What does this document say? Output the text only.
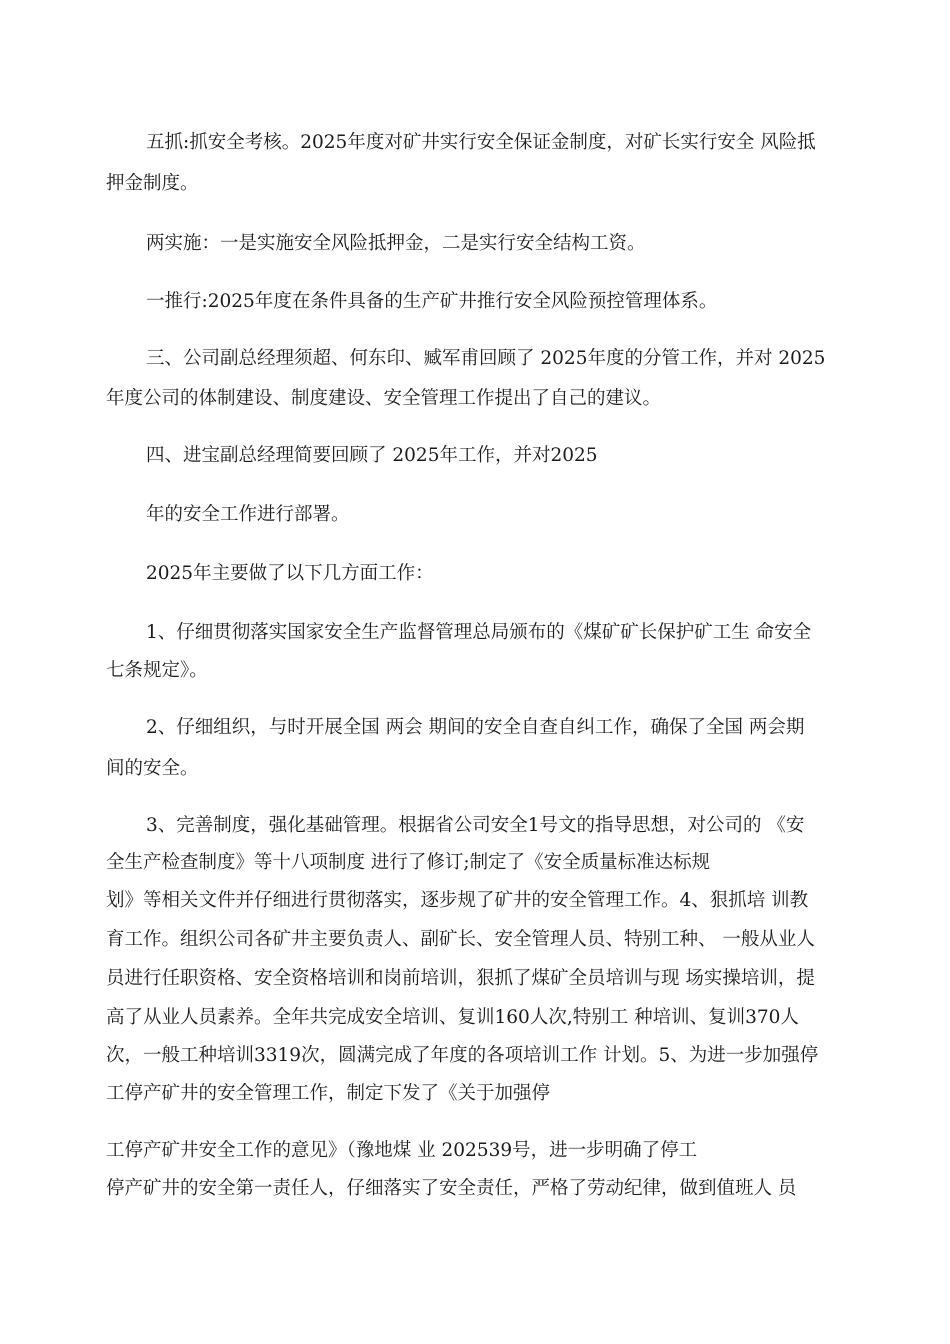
五抓:抓安全考核。2025年度对矿井实行安全保证金制度，对矿长实行安全 风险抵
押金制度。
两实施：一是实施安全风险抵押金，二是实行安全结构工资。
一推行:2025年度在条件具备的生产矿井推行安全风险预控管理体系。
三、公司副总经理须超、何东印、臧军甫回顾了 2025年度的分管工作，并对 2025
年度公司的体制建设、制度建设、安全管理工作提出了自己的建议。
四、进宝副总经理简要回顾了 2025年工作，并对2025
年的安全工作进行部署。
2025年主要做了以下几方面工作：
1、仔细贯彻落实国家安全生产监督管理总局颁布的《煤矿矿长保护矿工生 命安全
七条规定》。
2、仔细组织，与时开展全国 两会 期间的安全自查自纠工作，确保了全国 两会期
间的安全。
3、完善制度，强化基础管理。根据省公司安全1号文的指导思想，对公司的 《安
全生产检查制度》等十八项制度 进行了修订;制定了《安全质量标准达标规
划》等相关文件并仔细进行贯彻落实，逐步规了矿井的安全管理工作。4、狠抓培 训教
育工作。组织公司各矿井主要负责人、副矿长、安全管理人员、特别工种、 一般从业人
员进行任职资格、安全资格培训和岗前培训，狠抓了煤矿全员培训与现 场实操培训，提
高了从业人员素养。全年共完成安全培训、复训160人次,特别工 种培训、复训370人
次，一般工种培训3319次，圆满完成了年度的各项培训工作 计划。5、为进一步加强停
工停产矿井的安全管理工作，制定下发了《关于加强停
工停产矿井安全工作的意见》（豫地煤 业 202539号，进一步明确了停工
停产矿井的安全第一责任人，仔细落实了安全责任，严格了劳动纪律，做到值班人 员
